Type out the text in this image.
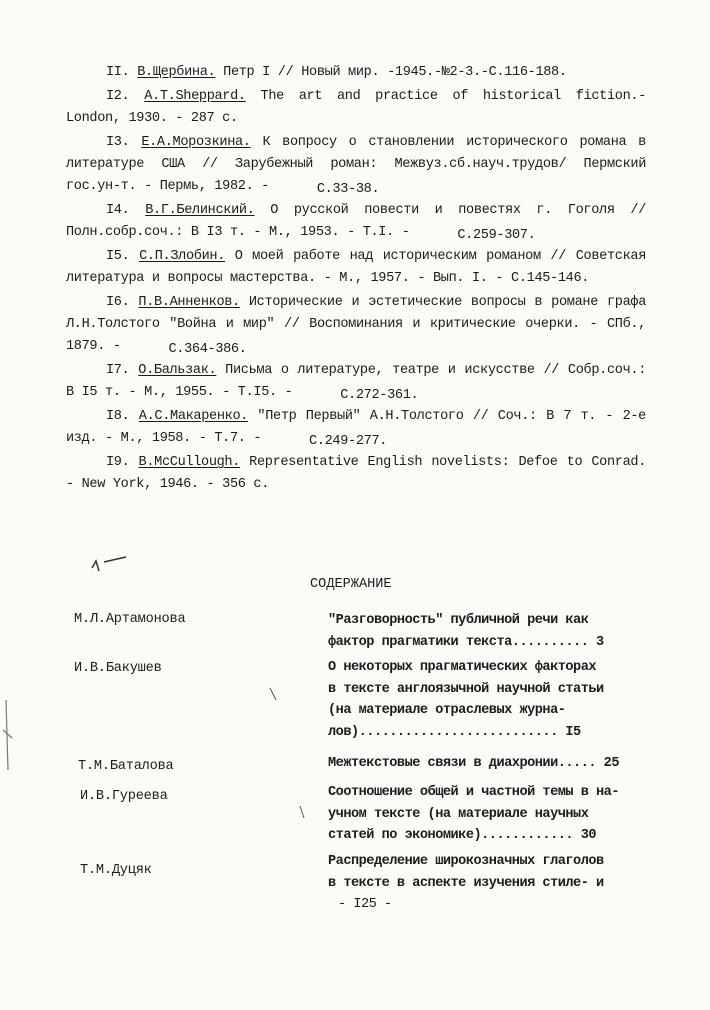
II. В.Щербина. Петр I // Новый мир. -1945.-№2-3.-С.116-188.

I2. A.T.Sheppard. The art and practice of historical fiction.- London, 1930. - 287 c.

I3. Е.А.Морозкина. К вопросу о становлении исторического романа в литературе США // Зарубежный роман: Межвуз.сб.науч.трудов/ Пермский гос.ун-т. - Пермь, 1982. -	С.33-38.

I4. В.Г.Белинский. О русской повести и повестях г. Гоголя // Полн.собр.соч.: В I3 т. - М., 1953. - Т.I. -	С.259-307.

I5. С.П.Злобин. О моей работе над историческим романом // Советская литература и вопросы мастерства. - М., 1957. - Вып. I. - С.145-146.

I6. П.В.Анненков. Исторические и эстетические вопросы в романе графа Л.Н.Толстого "Война и мир" // Воспоминания и критические очерки. - СПб., 1879. -	С.364-386.

I7. О.Бальзак. Письма о литературе, театре и искусстве // Собр.соч.: В I5 т. - М., 1955. - Т.I5. -	С.272-361.

I8. А.С.Макаренко. "Петр Первый" А.Н.Толстого // Соч.: В 7 т. - 2-е изд. - М., 1958. - Т.7. -	С.249-277.

I9. B.McCullough. Representative English novelists: Defoe to Conrad. - New York, 1946. - 356 c.

СОДЕРЖАНИЕ
М.Л.Артамонова	"Разговорность" публичной речи как
фактор прагматики текста.......... 3
И.В.Бакушев	О некоторых прагматических факторах
в тексте англоязычной научной статьи
(на материале отраслевых журна-
лов).......................... I5
Т.М.Баталова	Межтекстовые связи в диахронии..... 25
И.В.Гуреева	Соотношение общей и частной темы в на-
учном тексте (на материале научных
статей по экономике)............ 30
Т.М.Дуцяк
Распределение широкозначных глаголов
в тексте в аспекте изучения стиле- и
- I25 -
